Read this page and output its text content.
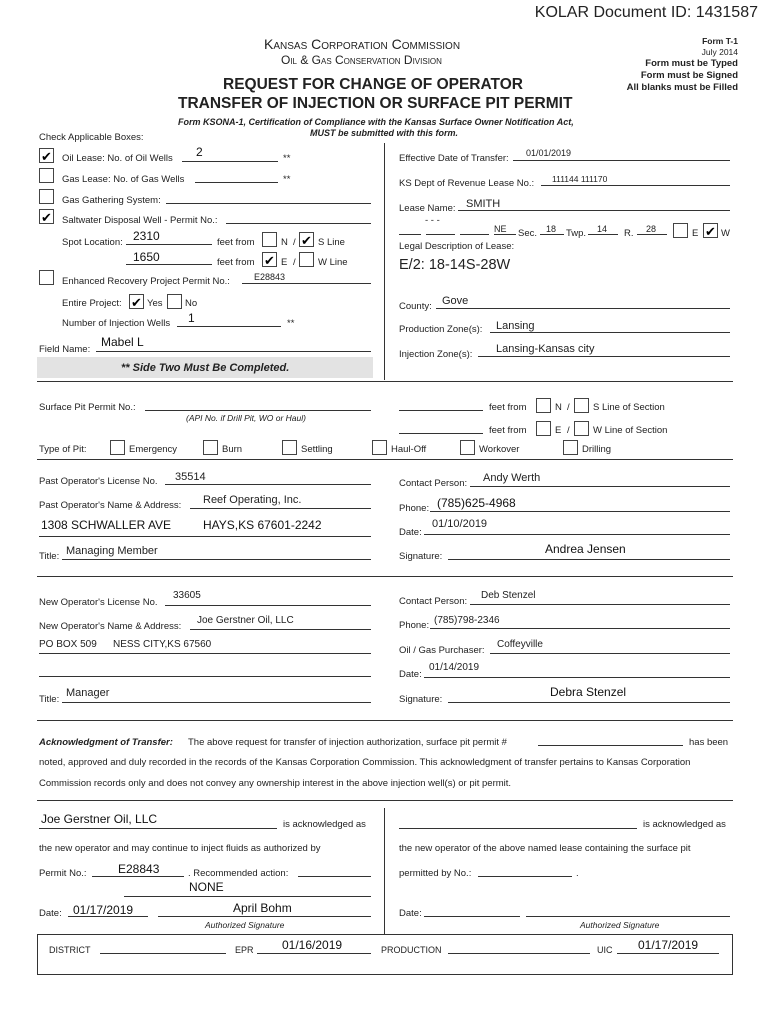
KOLAR Document ID: 1431587
Kansas Corporation Commission
Oil & Gas Conservation Division
REQUEST FOR CHANGE OF OPERATOR
TRANSFER OF INJECTION OR SURFACE PIT PERMIT
Form T-1
July 2014
Form must be Typed
Form must be Signed
All blanks must be Filled
Form KSONA-1, Certification of Compliance with the Kansas Surface Owner Notification Act,
MUST be submitted with this form.
Check Applicable Boxes:
✔ Oil Lease: No. of Oil Wells 2	**
Gas Lease: No. of Gas Wells	**
Gas Gathering System:
✔ Saltwater Disposal Well - Permit No.:
Spot Location: 2310	feet from	N / ✔ S Line
1650	feet from ✔ E / W Line
Enhanced Recovery Project Permit No.:	E28843
Entire Project: ✔ Yes No
Number of Injection Wells 1	**
Field Name:
Mabel L
** Side Two Must Be Completed.
Effective Date of Transfer: 01/01/2019
KS Dept of Revenue Lease No.: 111144 111170
Lease Name: SMITH
- - -
NE Sec. 18 Twp. 14 R. 28	E ✔ W
Legal Description of Lease:
E/2: 18-14S-28W
County: Gove
Production Zone(s): Lansing
Injection Zone(s): Lansing-Kansas city
Surface Pit Permit No.:
(API No. if Drill Pit, WO or Haul)
feet from	N / S Line of Section
feet from	E / W Line of Section
Type of Pit:	Emergency	Burn	Settling	Haul-Off	Workover	Drilling
Past Operator's License No. 35514
Past Operator's Name & Address: Reef Operating, Inc.
1308 SCHWALLER AVE	HAYS,KS 67601-2242
Title: Managing Member
Contact Person: Andy Werth
Phone: (785)625-4968
Date:
01/10/2019
Signature:
Andrea Jensen
New Operator's License No.
33605
New Operator's Name & Address:
Joe Gerstner Oil, LLC
PO BOX 509 NESS CITY,KS 67560
Title:
Manager
Contact Person:
Deb Stenzel
Phone: (785)798-2346
Oil / Gas Purchaser:
Coffeyville
Date:
01/14/2019
Signature:
Debra Stenzel
Acknowledgment of Transfer: The above request for transfer of injection authorization, surface pit permit #	has been
noted, approved and duly recorded in the records of the Kansas Corporation Commission. This acknowledgment of transfer pertains to Kansas Corporation
Commission records only and does not convey any ownership interest in the above injection well(s) or pit permit.
Joe Gerstner Oil, LLC	is acknowledged as
the new operator and may continue to inject fluids as authorized by
is acknowledged as
the new operator of the above named lease containing the surface pit
Permit No.:	E28843	. Recommended action:
NONE
permitted by No.:	.
Date: 01/17/2019	April Bohm
Authorized Signature
Date:
Authorized Signature
DISTRICT	EPR 01/16/2019	PRODUCTION	UIC 01/17/2019
